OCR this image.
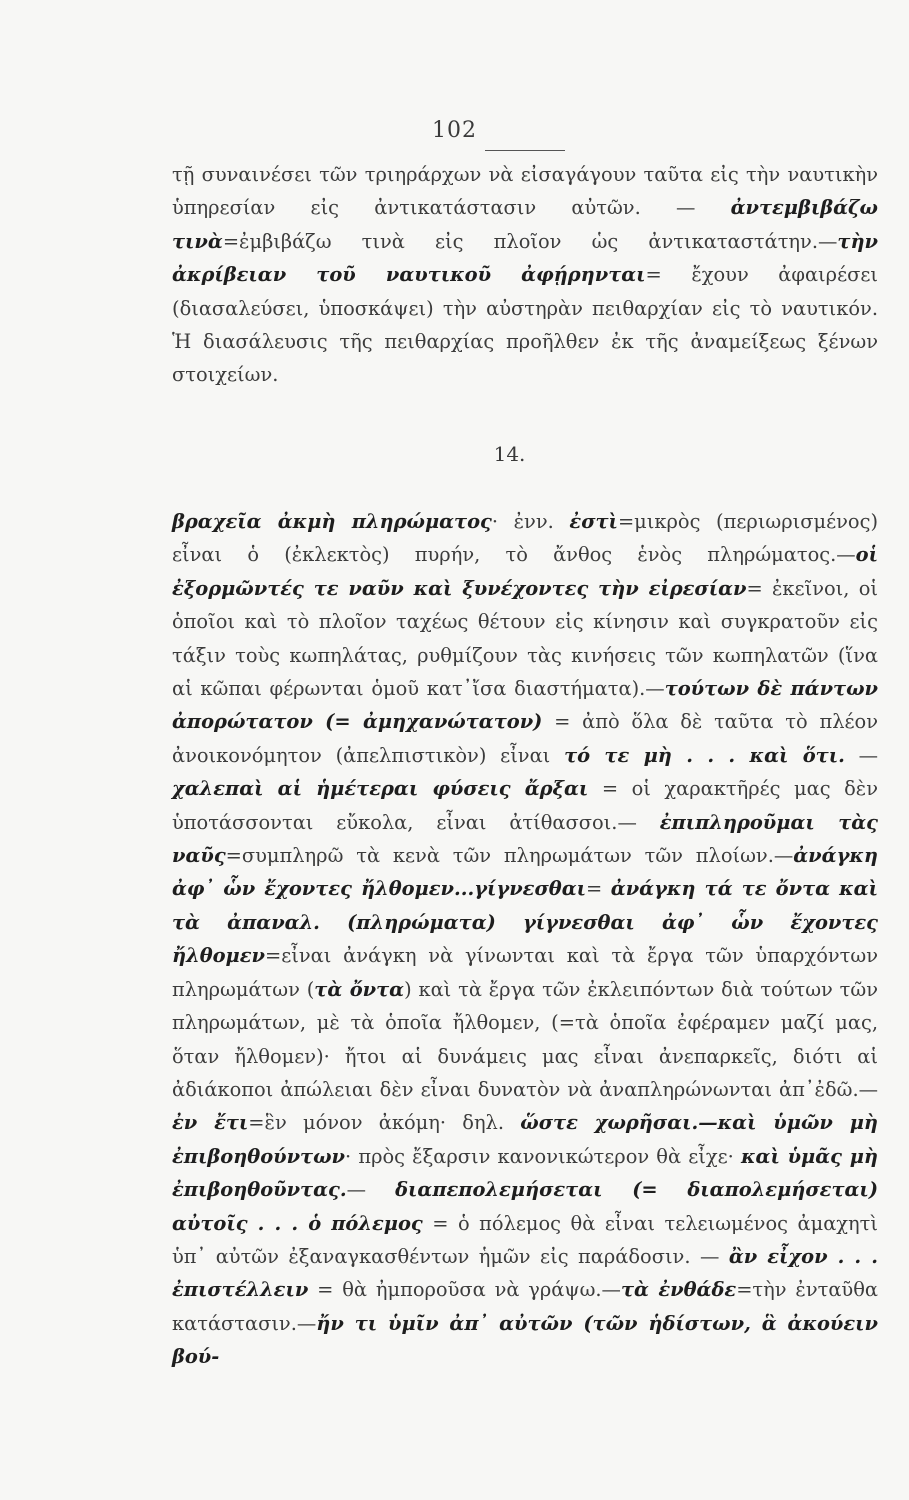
102

τῇ συναινέσει τῶν τριηράρχων νὰ εἰσαγάγουν ταῦτα εἰς τὴν ναυτικὴν ὑπηρεσίαν εἰς ἀντικατάστασιν αὐτῶν. — ἀντεμβιβάζω τινὰ=ἐμβιβάζω τινὰ εἰς πλοῖον ὡς ἀντικαταστάτην.—τὴν ἀκρίβειαν τοῦ ναυτικοῦ ἀφῄρηνται= ἔχουν ἀφαιρέσει (διασαλεύσει, ὑποσκάψει) τὴν αὐστηρὰν πειθαρχίαν εἰς τὸ ναυτικόν. Ἡ διασάλευσις τῆς πειθαρχίας προῆλθεν ἐκ τῆς ἀναμείξεως ξένων στοιχείων.

14.

βραχεῖα ἀκμὴ πληρώματος· ἐνν. ἐστὶ=μικρὸς (περιωρισμένος) εἶναι ὁ (ἐκλεκτὸς) πυρήν, τὸ ἄνθος ἑνὸς πληρώματος.—οἱ ἐξορμῶντές τε ναῦν καὶ ξυνέχοντες τὴν εἰρεσίαν= ἐκεῖνοι, οἱ ὁποῖοι καὶ τὸ πλοῖον ταχέως θέτουν εἰς κίνησιν καὶ συγκρατοῦν εἰς τάξιν τοὺς κωπηλάτας, ρυθμίζουν τὰς κινήσεις τῶν κωπηλατῶν (ἵνα αἱ κῶπαι φέρωνται ὁμοῦ κατ᾽ἴσα διαστήματα).—τούτων δὲ πάντων ἀπορώτατον (= ἀμηχανώτατον) = ἀπὸ ὅλα δὲ ταῦτα τὸ πλέον ἀνοικονόμητον (ἀπελπιστικὸν) εἶναι τό τε μὴ . . . καὶ ὅτι. — χαλεπαὶ αἱ ἡμέτεραι φύσεις ἄρξαι = οἱ χαρακτῆρές μας δὲν ὑποτάσσονται εὔκολα, εἶναι ἀτίθασσοι.— ἐπιπληροῦμαι τὰς ναῦς=συμπληρῶ τὰ κενὰ τῶν πληρωμάτων τῶν πλοίων.—ἀνάγκη ἀφ᾽ ὧν ἔχοντες ἤλθομεν...γίγνεσθαι= ἀνάγκη τά τε ὄντα καὶ τὰ ἀπαναλ. (πληρώματα) γίγνεσθαι ἀφ᾽ ὧν ἔχοντες ἤλθομεν=εἶναι ἀνάγκη νὰ γίνωνται καὶ τὰ ἔργα τῶν ὑπαρχόντων πληρωμάτων (τὰ ὄντα) καὶ τὰ ἔργα τῶν ἐκλειπόντων διὰ τούτων τῶν πληρωμάτων, μὲ τὰ ὁποῖα ἤλθομεν, (=τὰ ὁποῖα ἐφέραμεν μαζί μας, ὅταν ἤλθομεν)· ἤτοι αἱ δυνάμεις μας εἶναι ἀνεπαρκεῖς, διότι αἱ ἀδιάκοποι ἀπώλειαι δὲν εἶναι δυνατὸν νὰ ἀναπληρώνωνται ἀπ᾽ἐδῶ.—ἐν ἔτι=ἓν μόνον ἀκόμη· δηλ. ὥστε χωρῆσαι.—καὶ ὑμῶν μὴ ἐπιβοηθούντων· πρὸς ἔξαρσιν κανονικώτερον θὰ εἶχε· καὶ ὑμᾶς μὴ ἐπιβοηθοῦντας.— διαπεπολεμήσεται (= διαπολεμήσεται) αὐτοῖς . . . ὁ πόλεμος = ὁ πόλεμος θὰ εἶναι τελειωμένος ἀμαχητὶ ὑπ᾽ αὐτῶν ἐξαναγκασθέντων ἡμῶν εἰς παράδοσιν. — ἂν εἶχον . . . ἐπιστέλλειν = θὰ ἠμποροῦσα νὰ γράψω.—τὰ ἐνθάδε=τὴν ἐνταῦθα κατάστασιν.—ἤν τι ὑμῖν ἀπ᾽ αὐτῶν (τῶν ἡδίστων, ἃ ἀκούειν βού-
